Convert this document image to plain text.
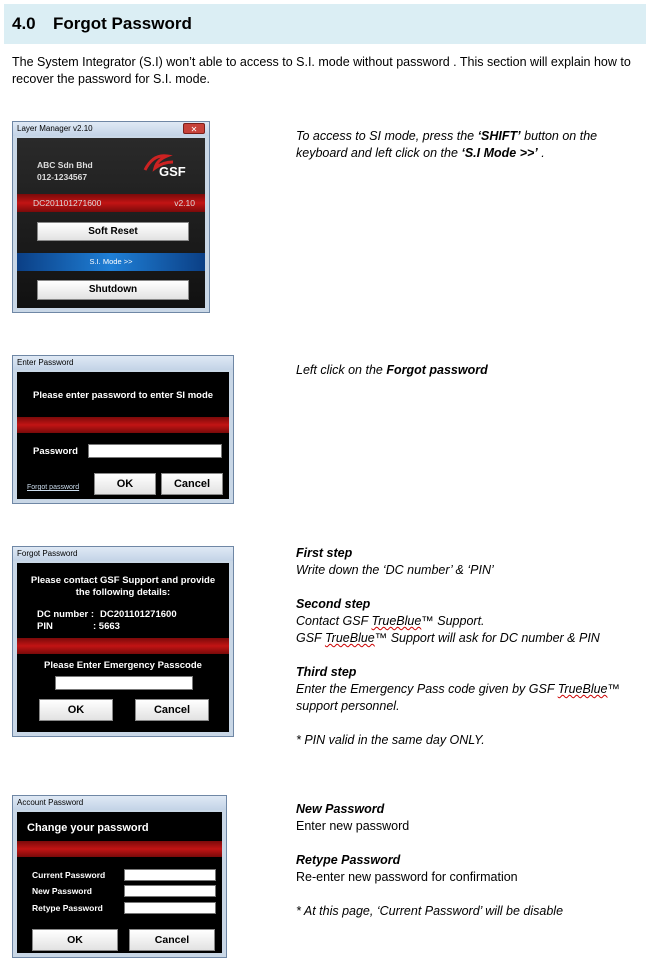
4.0 Forgot Password
The System Integrator (S.I) won’t able to access to S.I. mode without password . This section will explain how to recover the password for S.I. mode.
Layer Manager v2.10	✕
ABC Sdn Bhd
012-1234567	GSF
DC201101271600	v2.10
Soft Reset
S.I. Mode >>
Shutdown
To access to SI mode, press the ‘SHIFT’ button on the keyboard and left click on the ‘S.I Mode >>’ .
Enter Password
Please enter password to enter SI mode
Password
Forgot password	OK	Cancel
Left click on the Forgot password
Forgot Password
Please contact GSF Support and provide
the following details:
DC number : DC201101271600
PIN	: 5663
Please Enter Emergency Passcode
OK	Cancel
First step
Write down the ‘DC number’ & ‘PIN’
Second step
Contact GSF TrueBlue™ Support.
GSF TrueBlue™ Support will ask for DC number & PIN
Third step
Enter the Emergency Pass code given by GSF TrueBlue™
support personnel.
* PIN valid in the same day ONLY.
Account Password
Change your password
Current Password
New Password
Retype Password
OK	Cancel
New Password
Enter new password
Retype Password
Re-enter new password for confirmation
* At this page, ‘Current Password’ will be disable
